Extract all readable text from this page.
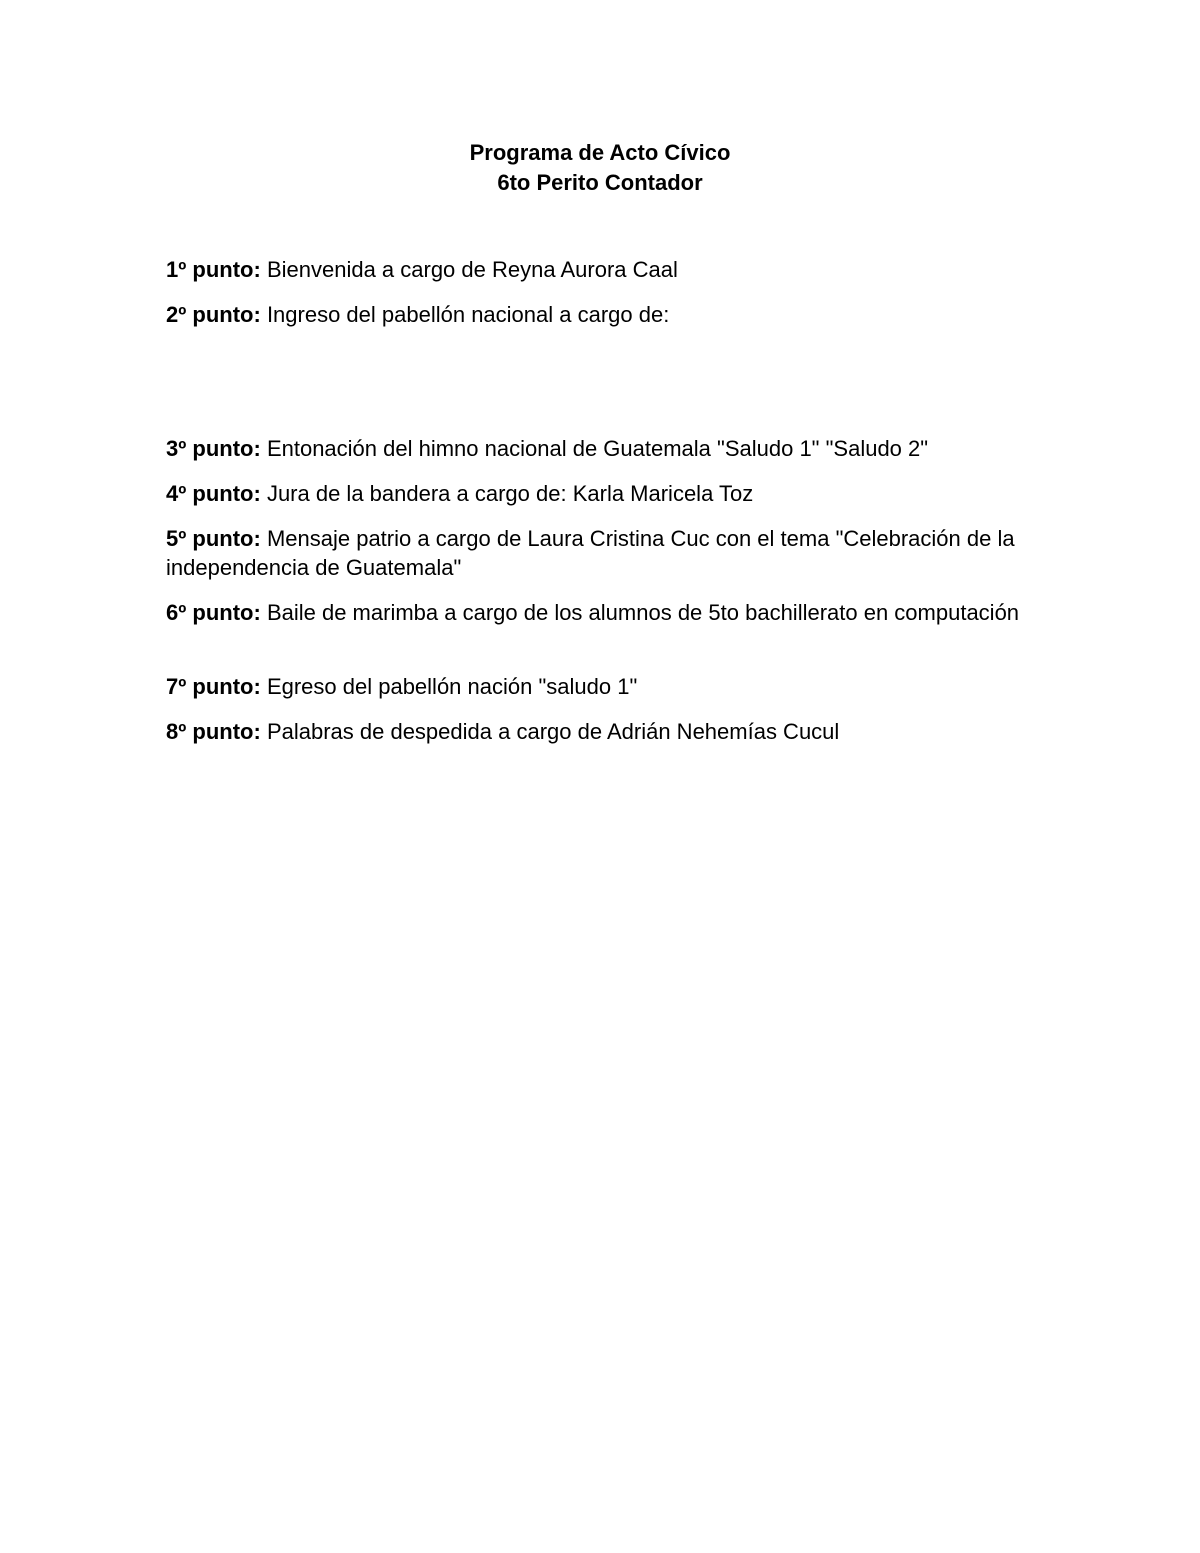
Programa de Acto Cívico
6to Perito Contador
1º punto: Bienvenida a cargo de Reyna Aurora Caal
2º punto: Ingreso del pabellón nacional a cargo de:
3º punto: Entonación del himno nacional de Guatemala "Saludo 1" "Saludo 2"
4º punto: Jura de la bandera a cargo de: Karla Maricela Toz
5º punto: Mensaje patrio a cargo de Laura Cristina Cuc con el tema "Celebración de la independencia de Guatemala"
6º punto: Baile de marimba a cargo de los alumnos de 5to bachillerato en computación
7º punto: Egreso del pabellón nación "saludo 1"
8º punto: Palabras de despedida a cargo de Adrián Nehemías Cucul
